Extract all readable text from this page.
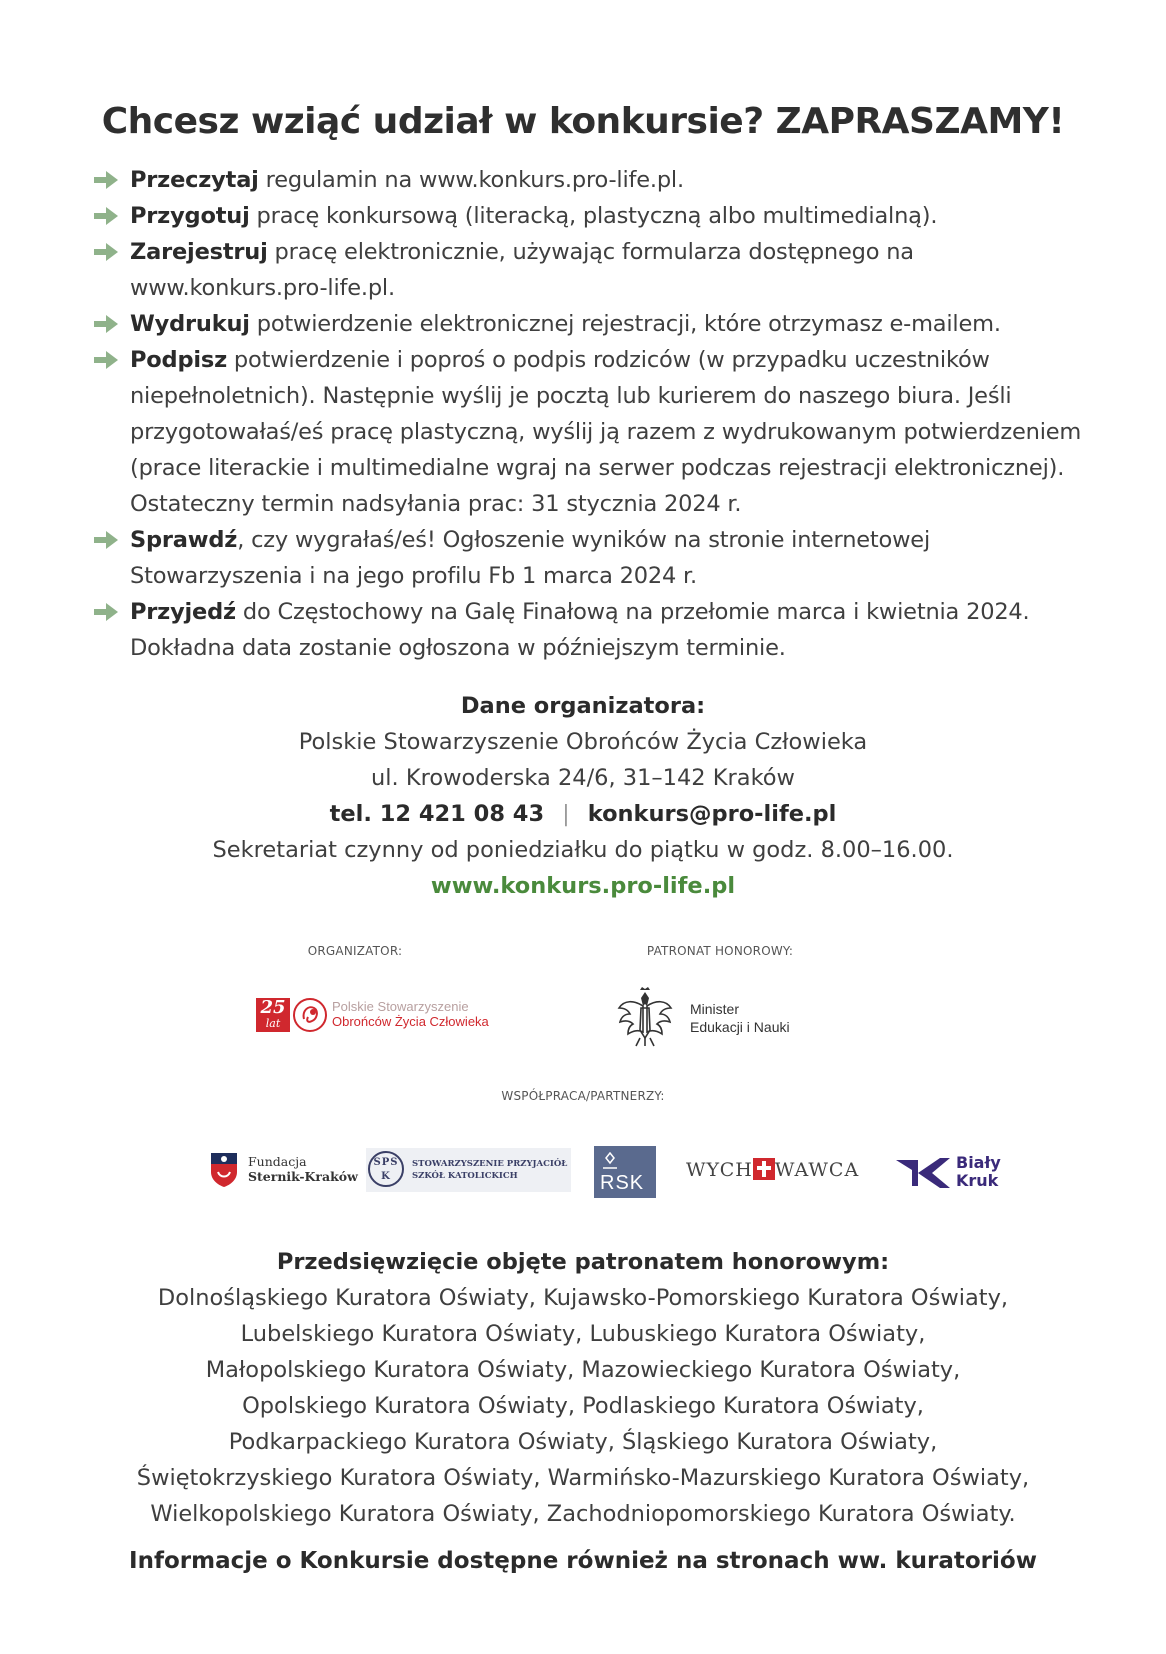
Chcesz wziąć udział w konkursie? ZAPRASZAMY!
Przeczytaj regulamin na www.konkurs.pro-life.pl.
Przygotuj pracę konkursową (literacką, plastyczną albo multimedialną).
Zarejestruj pracę elektronicznie, używając formularza dostępnego na www.konkurs.pro-life.pl.
Wydrukuj potwierdzenie elektronicznej rejestracji, które otrzymasz e-mailem.
Podpisz potwierdzenie i poproś o podpis rodziców (w przypadku uczestników niepełnoletnich). Następnie wyślij je pocztą lub kurierem do naszego biura. Jeśli przygotowałaś/eś pracę plastyczną, wyślij ją razem z wydrukowanym potwierdzeniem (prace literackie i multimedialne wgraj na serwer podczas rejestracji elektronicznej). Ostateczny termin nadsyłania prac: 31 stycznia 2024 r.
Sprawdź, czy wygrałaś/eś! Ogłoszenie wyników na stronie internetowej Stowarzyszenia i na jego profilu Fb 1 marca 2024 r.
Przyjedź do Częstochowy na Galę Finałową na przełomie marca i kwietnia 2024. Dokładna data zostanie ogłoszona w późniejszym terminie.
Dane organizatora:
Polskie Stowarzyszenie Obrońców Życia Człowieka
ul. Krowoderska 24/6, 31–142 Kraków
tel. 12 421 08 43 | konkurs@pro-life.pl
Sekretariat czynny od poniedziałku do piątku w godz. 8.00–16.00.
www.konkurs.pro-life.pl
ORGANIZATOR:	PATRONAT HONOROWY:
WSPÓŁPRACA/PARTNERZY:
25
lat
Polskie Stowarzyszenie
Obrońców Życia Człowieka
Minister
Edukacji i Nauki
Fundacja
Sternik-Kraków
SPSK
STOWARZYSZENIE PRZYJACIÓŁ
SZKÓŁ KATOLICKICH	RSK
WYCH WAWCA	Biały
Kruk
Przedsięwzięcie objęte patronatem honorowym:
Dolnośląskiego Kuratora Oświaty, Kujawsko-Pomorskiego Kuratora Oświaty,
Lubelskiego Kuratora Oświaty, Lubuskiego Kuratora Oświaty,
Małopolskiego Kuratora Oświaty, Mazowieckiego Kuratora Oświaty,
Opolskiego Kuratora Oświaty, Podlaskiego Kuratora Oświaty,
Podkarpackiego Kuratora Oświaty, Śląskiego Kuratora Oświaty,
Świętokrzyskiego Kuratora Oświaty, Warmińsko-Mazurskiego Kuratora Oświaty,
Wielkopolskiego Kuratora Oświaty, Zachodniopomorskiego Kuratora Oświaty.
Informacje o Konkursie dostępne również na stronach ww. kuratoriów
